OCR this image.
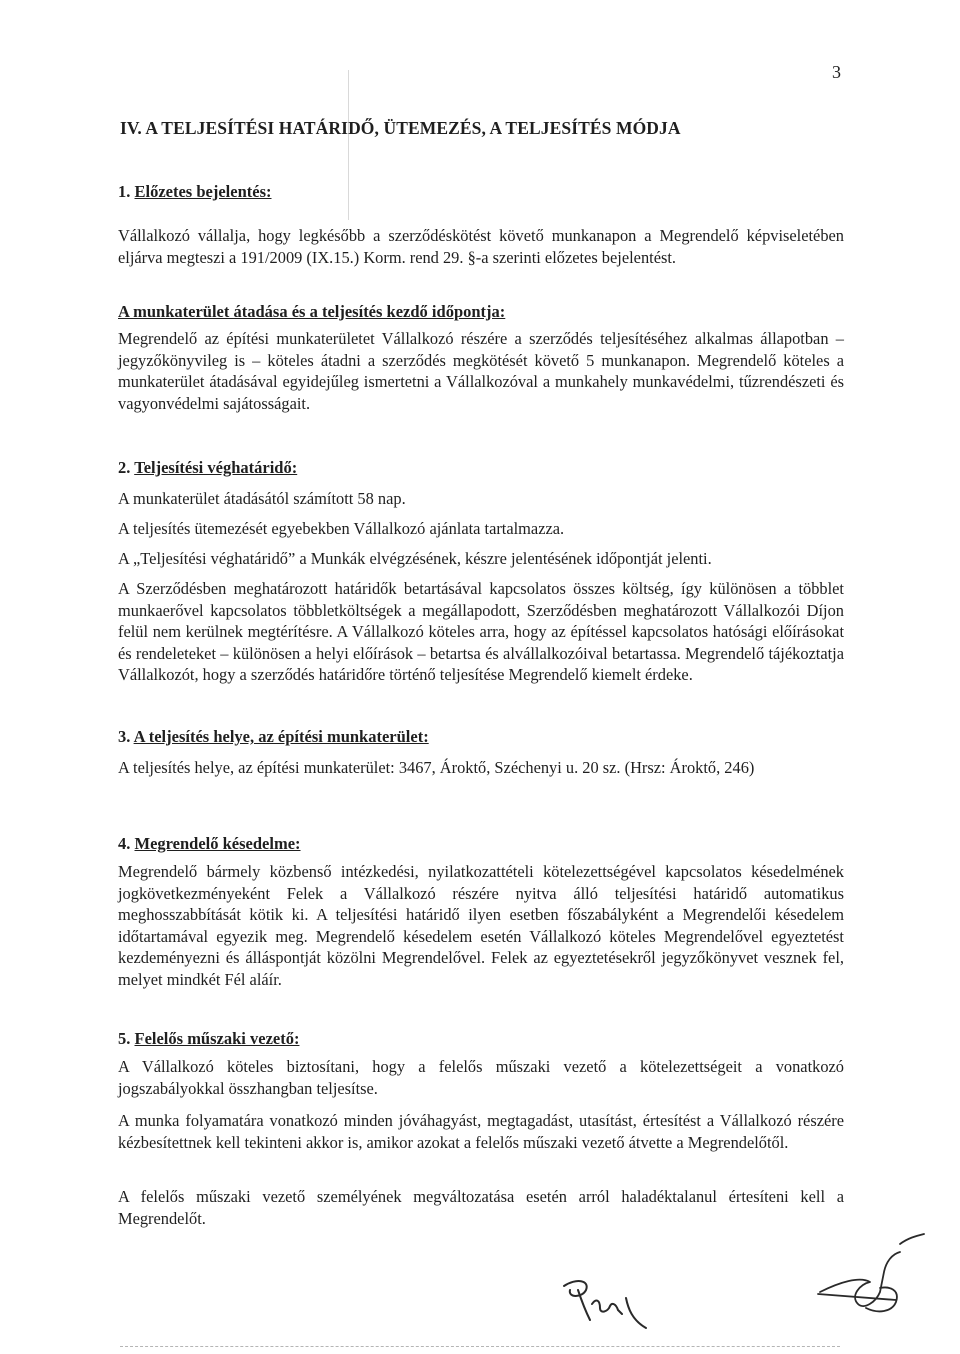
3
IV. A TELJESÍTÉSI HATÁRIDŐ, ÜTEMEZÉS, A TELJESÍTÉS MÓDJA
1. Előzetes bejelentés:
Vállalkozó vállalja, hogy legkésőbb a szerződéskötést követő munkanapon a Megrendelő képviseletében eljárva megteszi a 191/2009 (IX.15.) Korm. rend 29. §-a szerinti előzetes bejelentést.
A munkaterület átadása és a teljesítés kezdő időpontja:
Megrendelő az építési munkaterületet Vállalkozó részére a szerződés teljesítéséhez alkalmas állapotban – jegyzőkönyvileg is – köteles átadni a szerződés megkötését követő 5 munkanapon. Megrendelő köteles a munkaterület átadásával egyidejűleg ismertetni a Vállalkozóval a munkahely munkavédelmi, tűzrendészeti és vagyonvédelmi sajátosságait.
2. Teljesítési véghatáridő:
A munkaterület átadásától számított 58 nap.
A teljesítés ütemezését egyebekben Vállalkozó ajánlata tartalmazza.
A „Teljesítési véghatáridő” a Munkák elvégzésének, készre jelentésének időpontját jelenti.
A Szerződésben meghatározott határidők betartásával kapcsolatos összes költség, így különösen a többlet munkaerővel kapcsolatos többletköltségek a megállapodott, Szerződésben meghatározott Vállalkozói Díjon felül nem kerülnek megtérítésre. A Vállalkozó köteles arra, hogy az építéssel kapcsolatos hatósági előírásokat és rendeleteket – különösen a helyi előírások – betartsa és alvállalkozóival betartassa. Megrendelő tájékoztatja Vállalkozót, hogy a szerződés határidőre történő teljesítése Megrendelő kiemelt érdeke.
3. A teljesítés helye, az építési munkaterület:
A teljesítés helye, az építési munkaterület: 3467, Ároktő, Széchenyi u. 20 sz. (Hrsz: Ároktő, 246)
4. Megrendelő késedelme:
Megrendelő bármely közbenső intézkedési, nyilatkozattételi kötelezettségével kapcsolatos késedelmének jogkövetkezményeként Felek a Vállalkozó részére nyitva álló teljesítési határidő automatikus meghosszabbítását kötik ki. A teljesítési határidő ilyen esetben főszabályként a Megrendelői késedelem időtartamával egyezik meg. Megrendelő késedelem esetén Vállalkozó köteles Megrendelővel egyeztetést kezdeményezni és álláspontját közölni Megrendelővel. Felek az egyeztetésekről jegyzőkönyvet vesznek fel, melyet mindkét Fél aláír.
5. Felelős műszaki vezető:
A Vállalkozó köteles biztosítani, hogy a felelős műszaki vezető a kötelezettségeit a vonatkozó jogszabályokkal összhangban teljesítse.
A munka folyamatára vonatkozó minden jóváhagyást, megtagadást, utasítást, értesítést a Vállalkozó részére kézbesítettnek kell tekinteni akkor is, amikor azokat a felelős műszaki vezető átvette a Megrendelőtől.
A felelős műszaki vezető személyének megváltozatása esetén arról haladéktalanul értesíteni kell a Megrendelőt.
